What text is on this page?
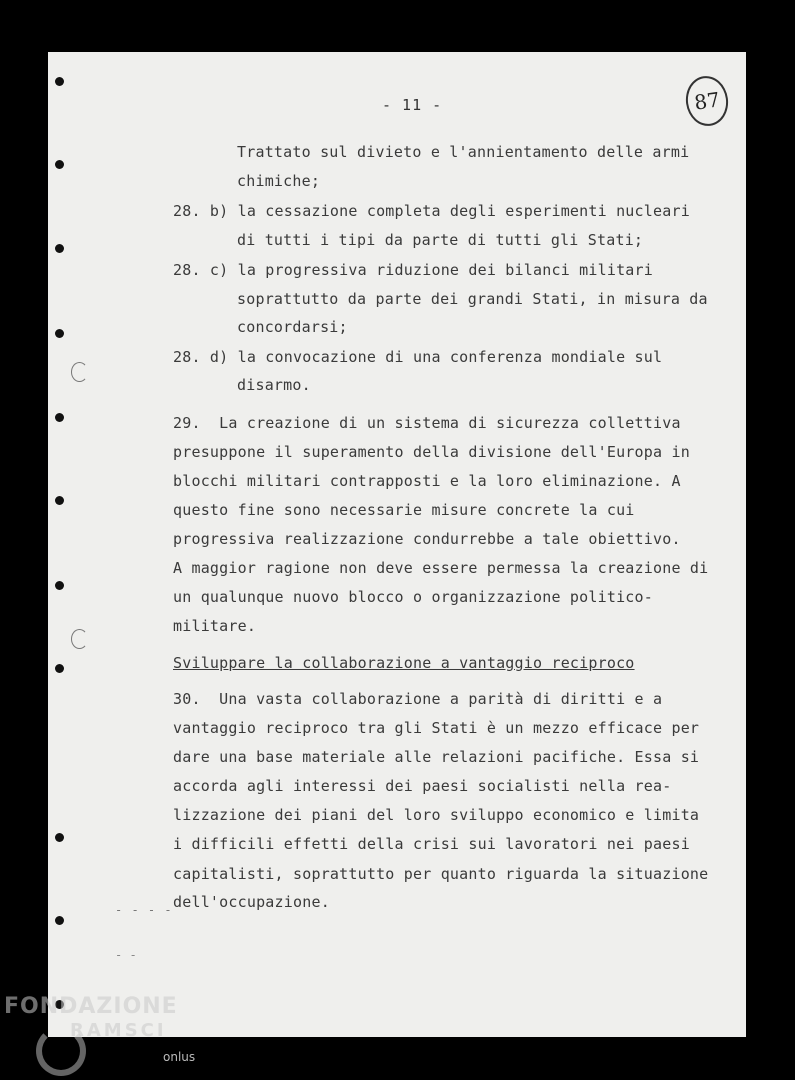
- 11 -	87
Trattato sul divieto e l'annientamento delle armi
chimiche;
28. b) la cessazione completa degli esperimenti nucleari
di tutti i tipi da parte di tutti gli Stati;
28. c) la progressiva riduzione dei bilanci militari
soprattutto da parte dei grandi Stati, in misura da
concordarsi;
28. d) la convocazione di una conferenza mondiale sul
disarmo.
29.  La creazione di un sistema di sicurezza collettiva
presuppone il superamento della divisione dell'Europa in
blocchi militari contrapposti e la loro eliminazione. A
questo fine sono necessarie misure concrete la cui
progressiva realizzazione condurrebbe a tale obiettivo.
A maggior ragione non deve essere permessa la creazione di
un qualunque nuovo blocco o organizzazione politico-
militare.
Sviluppare la collaborazione a vantaggio reciproco
30.  Una vasta collaborazione a parità di diritti e a
vantaggio reciproco tra gli Stati è un mezzo efficace per
dare una base materiale alle relazioni pacifiche. Essa si
accorda agli interessi dei paesi socialisti nella rea-
lizzazione dei piani del loro sviluppo economico e limita
i difficili effetti della crisi sui lavoratori nei paesi
capitalisti, soprattutto per quanto riguarda la situazione
dell'occupazione.
- - - -
- -
FONDAZIONE
RAMSCI
onlus
